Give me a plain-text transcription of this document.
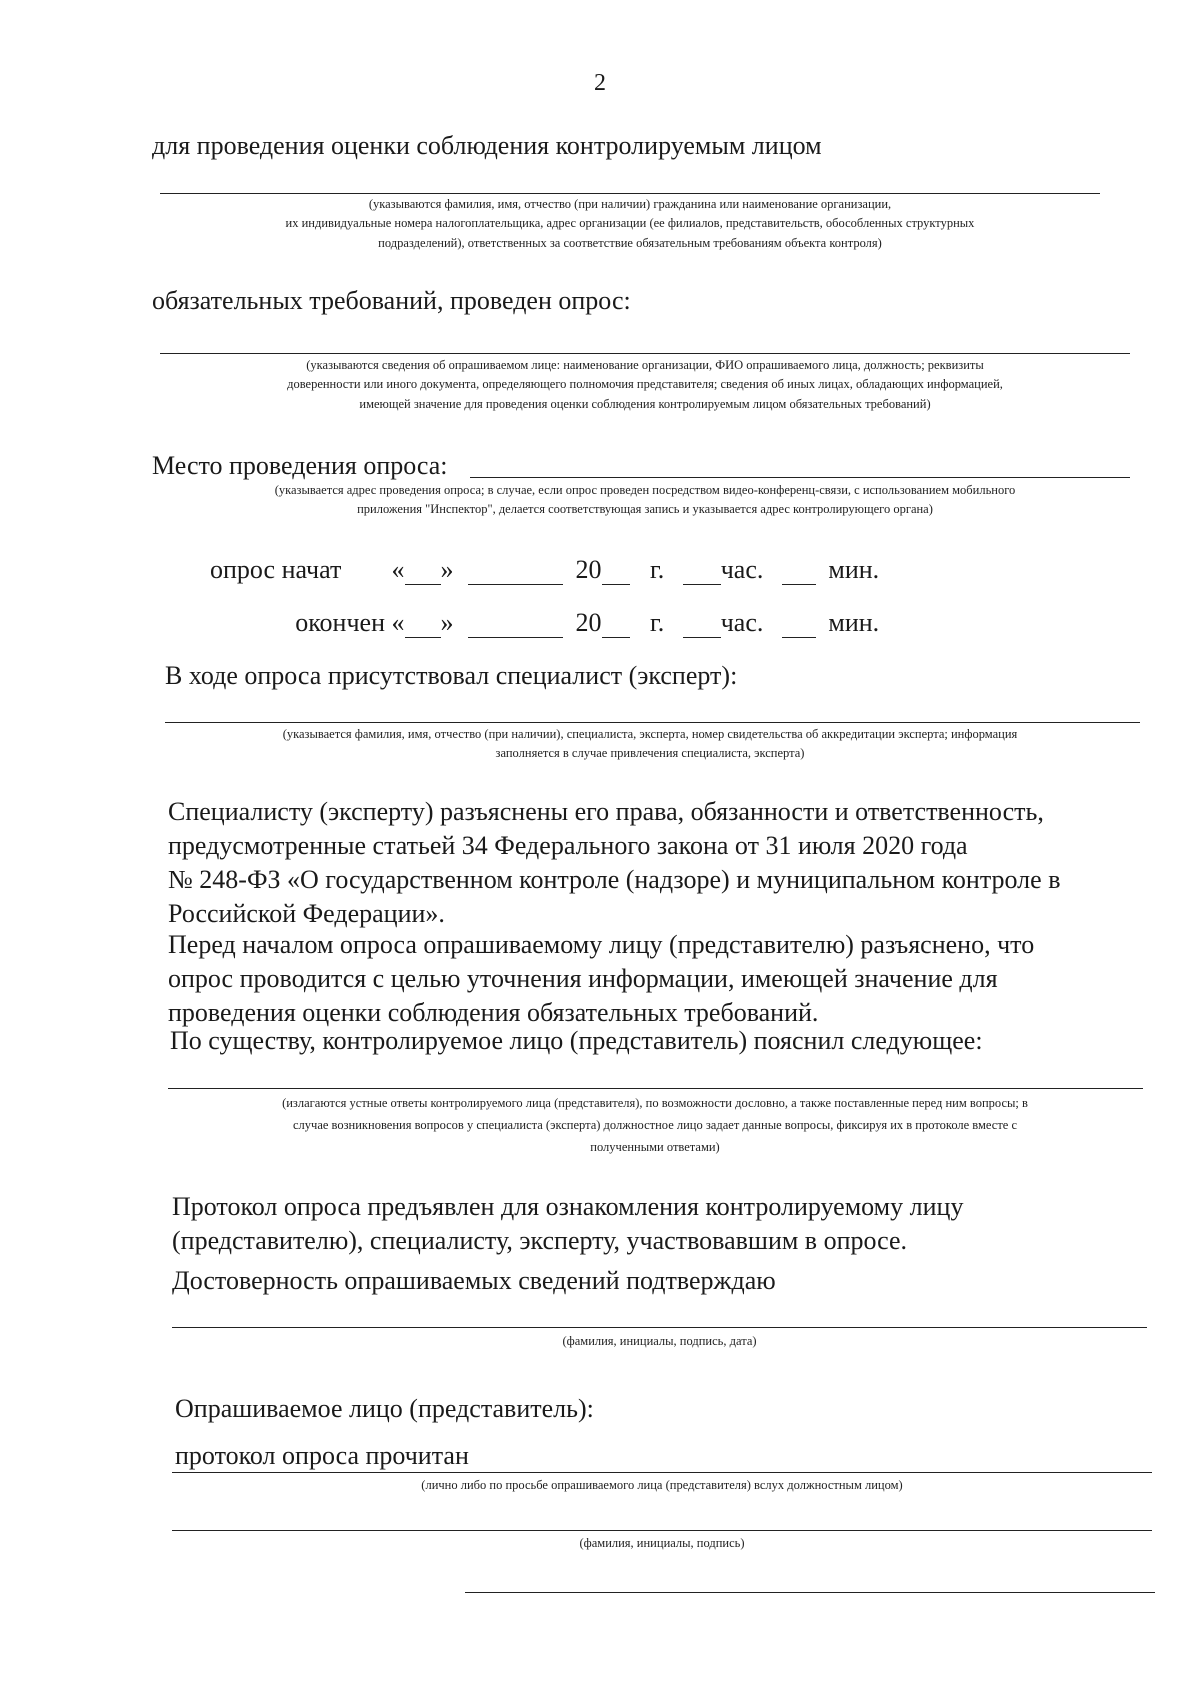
2
для проведения оценки соблюдения контролируемым лицом
(указываются фамилия, имя, отчество (при наличии) гражданина или наименование организации,
их индивидуальные номера налогоплательщика, адрес организации (ее филиалов, представительств, обособленных структурных
подразделений), ответственных за соответствие обязательным требованиям объекта контроля)
обязательных требований, проведен опрос:
(указываются сведения об опрашиваемом лице: наименование организации, ФИО опрашиваемого лица, должность; реквизиты
доверенности или иного документа, определяющего полномочия представителя; сведения об иных лицах, обладающих информацией,
имеющей значение для проведения оценки соблюдения контролируемым лицом обязательных требований)
Место проведения опроса:
(указывается адрес проведения опроса; в случае, если опрос проведен посредством видео-конференц-связи, с использованием мобильного
приложения "Инспектор", делается соответствующая запись и указывается адрес контролирующего органа)
опрос начат « »	20 г. час.	мин.
окончен « »	20 г. час.	мин.
В ходе опроса присутствовал специалист (эксперт):
(указывается фамилия, имя, отчество (при наличии), специалиста, эксперта, номер свидетельства об аккредитации эксперта; информация
заполняется в случае привлечения специалиста, эксперта)
Специалисту (эксперту) разъяснены его права, обязанности и ответственность,
предусмотренные статьей 34 Федерального закона от 31 июля 2020 года
№ 248-ФЗ «О государственном контроле (надзоре) и муниципальном контроле в
Российской Федерации».
Перед началом опроса опрашиваемому лицу (представителю) разъяснено, что
опрос проводится с целью уточнения информации, имеющей значение для
проведения оценки соблюдения обязательных требований.
По существу, контролируемое лицо (представитель) пояснил следующее:
(излагаются устные ответы контролируемого лица (представителя), по возможности дословно, а также поставленные перед ним вопросы; в
случае возникновения вопросов у специалиста (эксперта) должностное лицо задает данные вопросы, фиксируя их в протоколе вместе с
полученными ответами)
Протокол опроса предъявлен для ознакомления контролируемому лицу
(представителю), специалисту, эксперту, участвовавшим в опросе.
Достоверность опрашиваемых сведений подтверждаю
(фамилия, инициалы, подпись, дата)
Опрашиваемое лицо (представитель):
протокол опроса прочитан
(лично либо по просьбе опрашиваемого лица (представителя) вслух должностным лицом)
(фамилия, инициалы, подпись)
